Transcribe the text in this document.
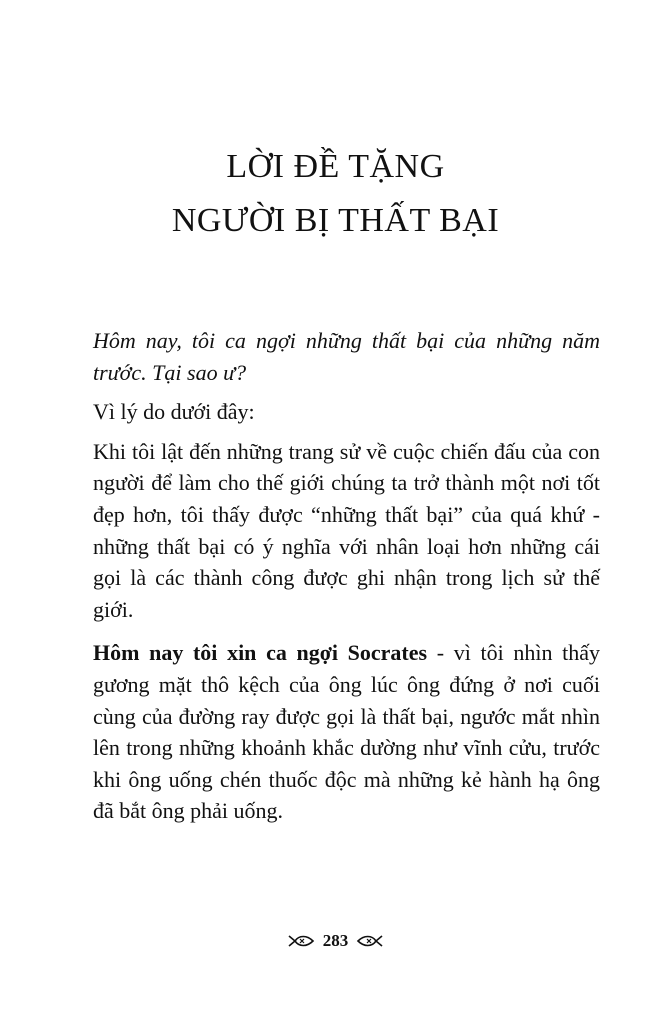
LỜI ĐỀ TẶNG
NGƯỜI BỊ THẤT BẠI

Hôm nay, tôi ca ngợi những thất bại của những năm trước. Tại sao ư?

Vì lý do dưới đây:

Khi tôi lật đến những trang sử về cuộc chiến đấu của con người để làm cho thế giới chúng ta trở thành một nơi tốt đẹp hơn, tôi thấy được “những thất bại” của quá khứ - những thất bại có ý nghĩa với nhân loại hơn những cái gọi là các thành công được ghi nhận trong lịch sử thế giới.

Hôm nay tôi xin ca ngợi Socrates - vì tôi nhìn thấy gương mặt thô kệch của ông lúc ông đứng ở nơi cuối cùng của đường ray được gọi là thất bại, ngước mắt nhìn lên trong những khoảnh khắc dường như vĩnh cửu, trước khi ông uống chén thuốc độc mà những kẻ hành hạ ông đã bắt ông phải uống.

283
